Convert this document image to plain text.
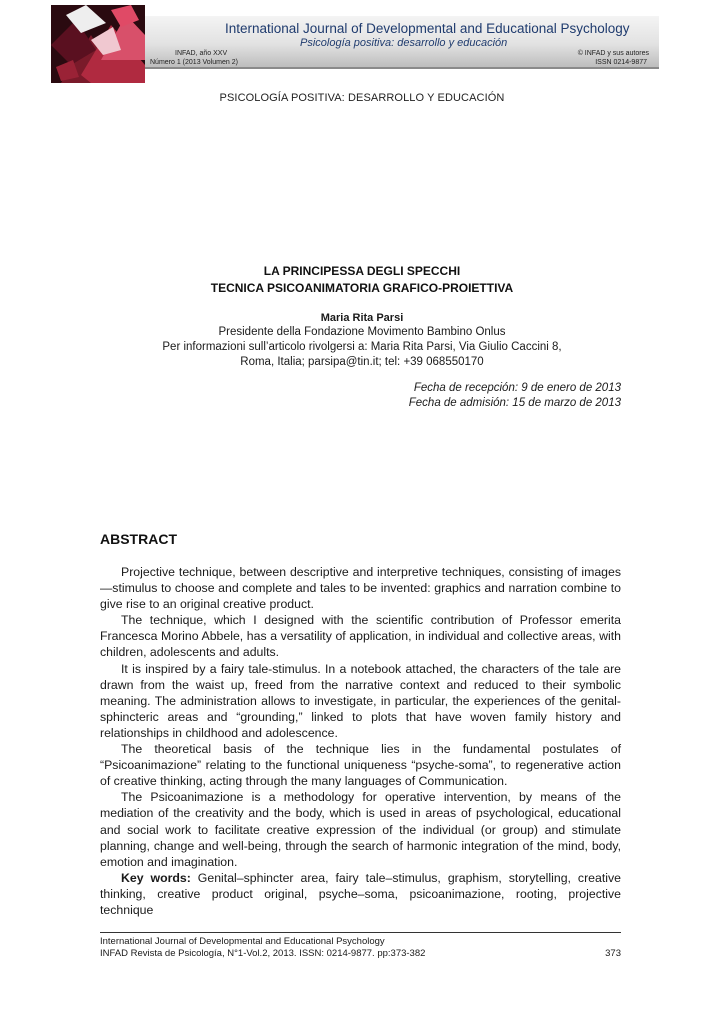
International Journal of Developmental and Educational Psychology
Psicología positiva: desarrollo y educación
INFAD, año XXV
Número 1 (2013 Volumen 2)
© INFAD y sus autores
ISSN 0214-9877
PSICOLOGÍA POSITIVA: DESARROLLO Y EDUCACIÓN
LA PRINCIPESSA DEGLI SPECCHI
TECNICA PSICOANIMATORIA GRAFICO-PROIETTIVA
Maria Rita Parsi
Presidente della Fondazione Movimento Bambino Onlus
Per informazioni sull’articolo rivolgersi a: Maria Rita Parsi, Via Giulio Caccini 8,
Roma, Italia; parsipa@tin.it; tel: +39 068550170
Fecha de recepción: 9 de enero de 2013
Fecha de admisión: 15 de marzo de 2013
ABSTRACT

Projective technique, between descriptive and interpretive techniques, consisting of images—stimulus to choose and complete and tales to be invented: graphics and narration combine to give rise to an original creative product.

The technique, which I designed with the scientific contribution of Professor emerita Francesca Morino Abbele, has a versatility of application, in individual and collective areas, with children, adolescents and adults.

It is inspired by a fairy tale-stimulus. In a notebook attached, the characters of the tale are drawn from the waist up, freed from the narrative context and reduced to their symbolic meaning. The administration allows to investigate, in particular, the experiences of the genital-sphincteric areas and “grounding,” linked to plots that have woven family history and relationships in childhood and adolescence.

The theoretical basis of the technique lies in the fundamental postulates of “Psicoanimazione” relating to the functional uniqueness “psyche-soma”, to regenerative action of creative thinking, acting through the many languages of Communication.

The Psicoanimazione is a methodology for operative intervention, by means of the mediation of the creativity and the body, which is used in areas of psychological, educational and social work to facilitate creative expression of the individual (or group) and stimulate planning, change and well-being, through the search of harmonic integration of the mind, body, emotion and imagination.

Key words: Genital–sphincter area, fairy tale–stimulus, graphism, storytelling, creative thinking, creative product original, psyche–soma, psicoanimazione, rooting, projective technique

International Journal of Developmental and Educational Psychology
INFAD Revista de Psicología, N°1-Vol.2, 2013. ISSN: 0214-9877. pp:373-382	373
